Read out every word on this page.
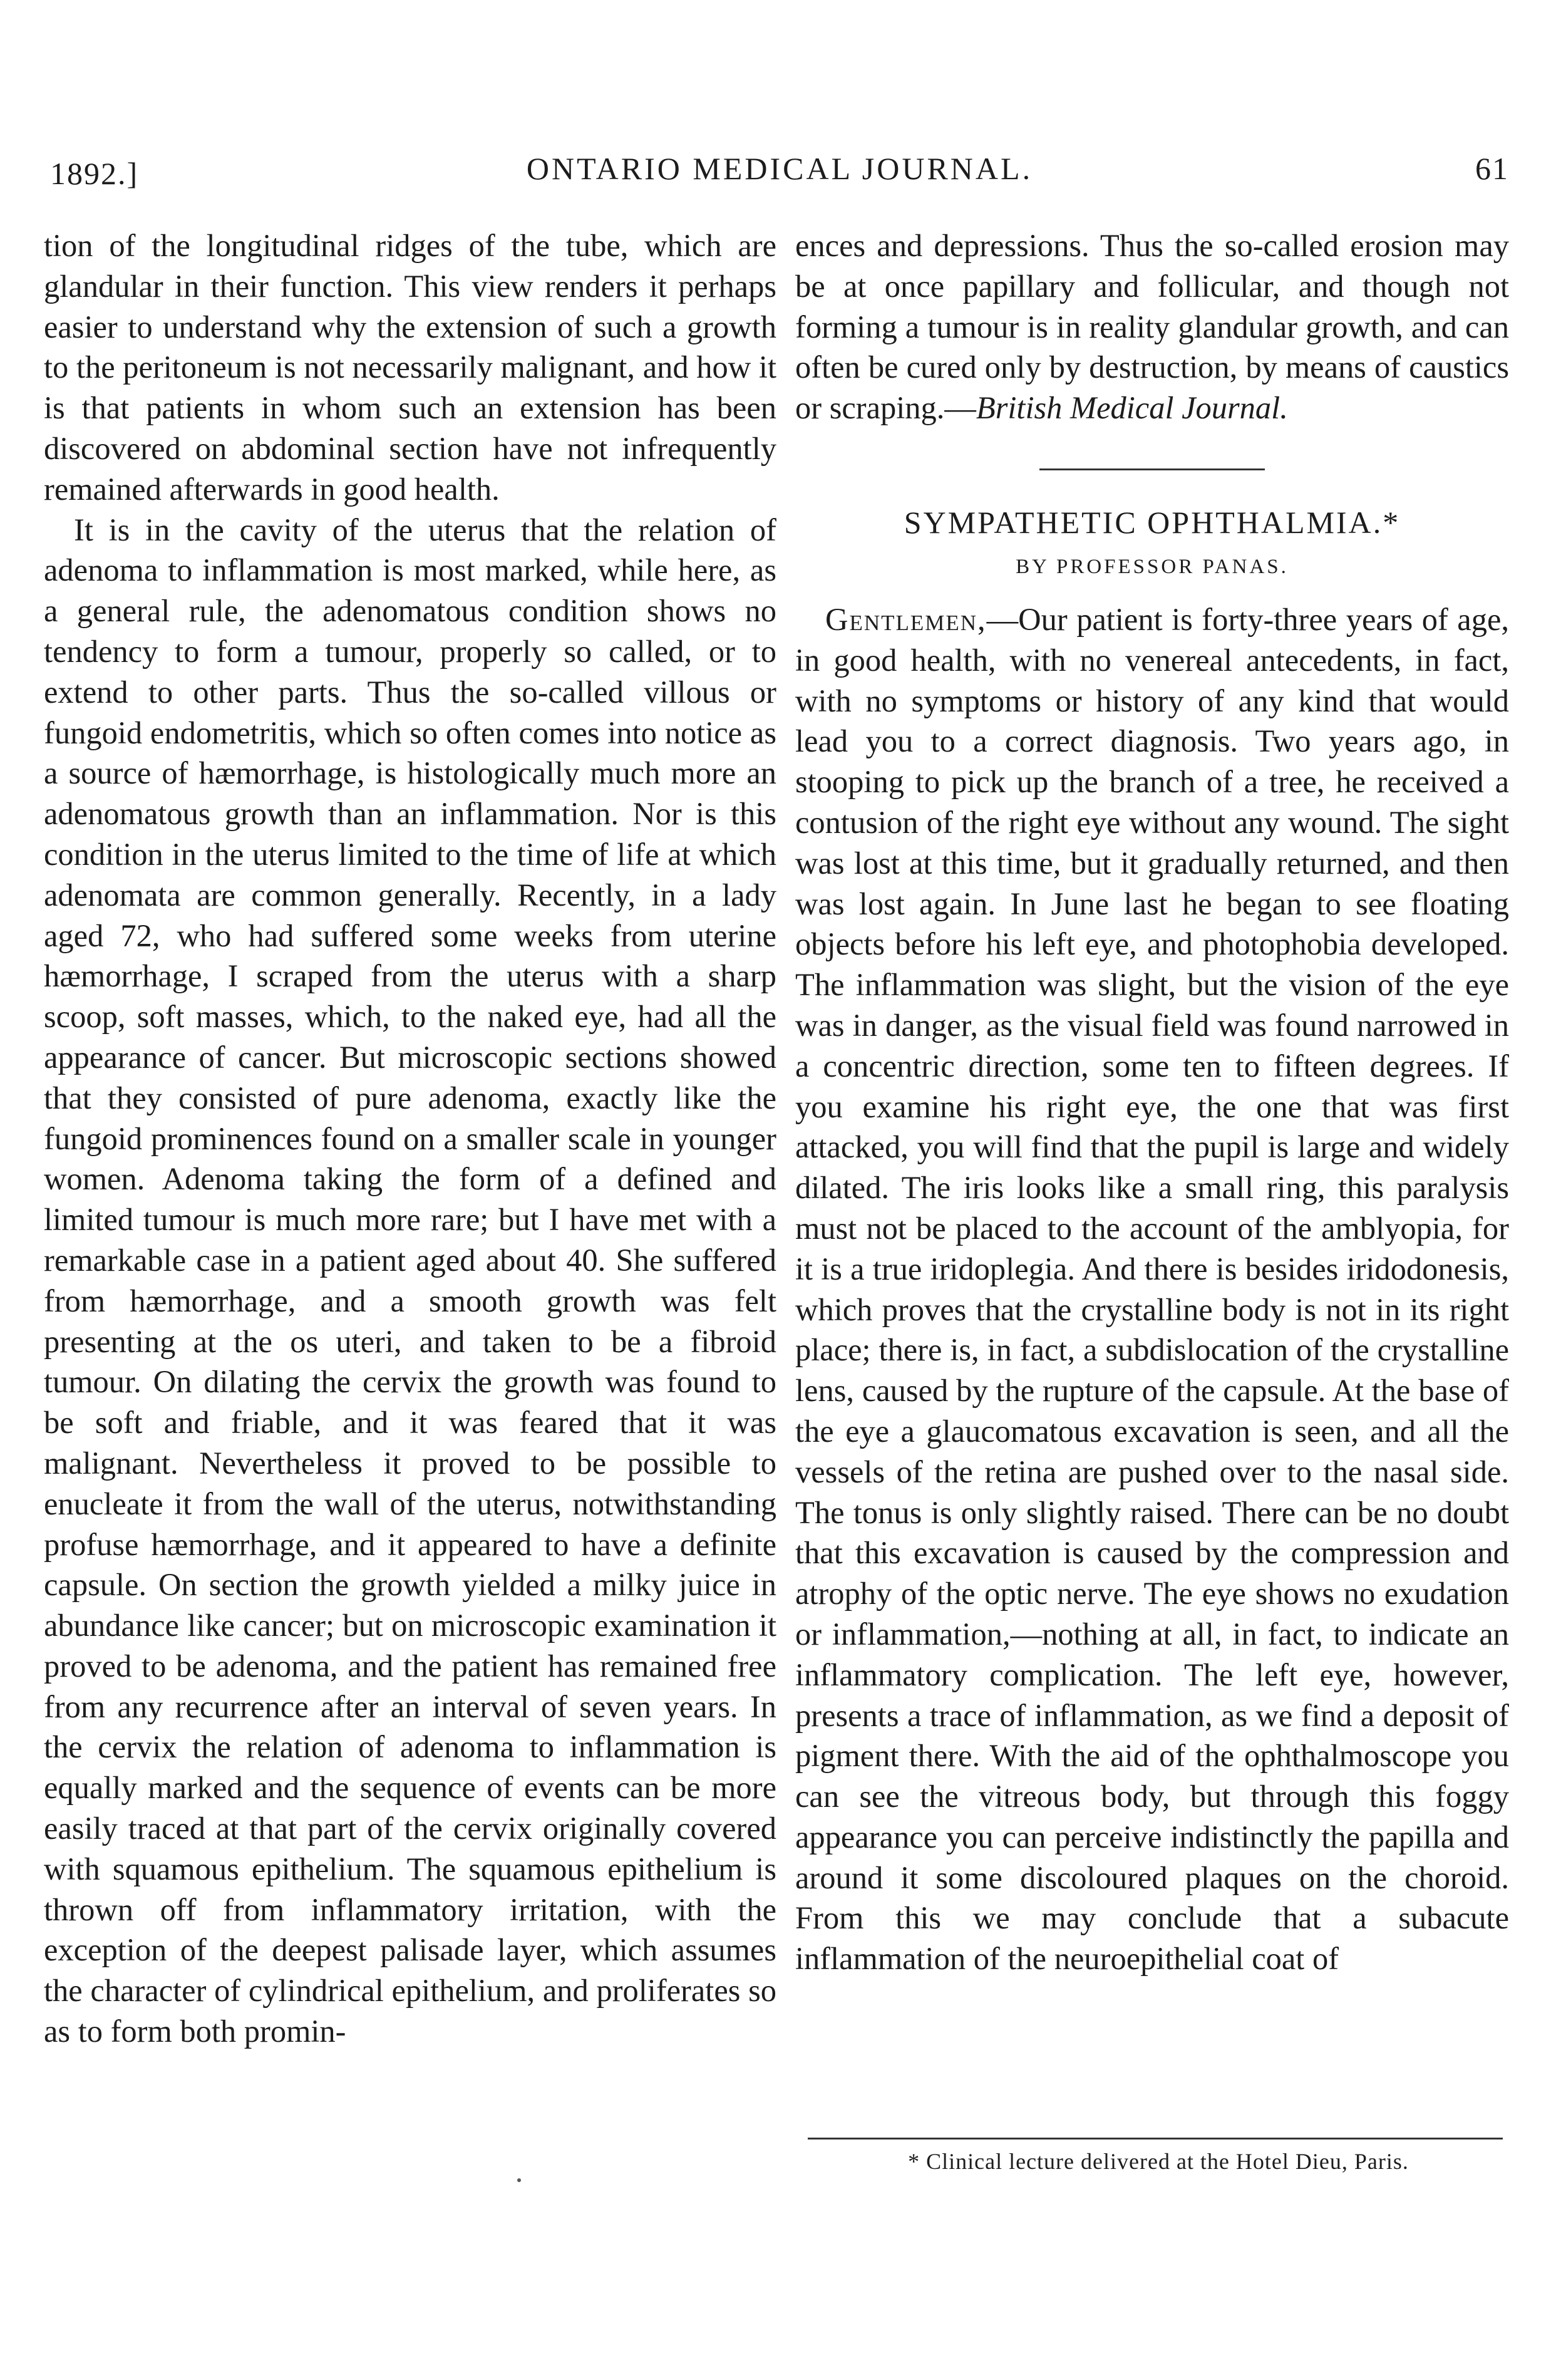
1892.]	ONTARIO MEDICAL JOURNAL.	61

tion of the longitudinal ridges of the tube, which are glandular in their function. This view renders it perhaps easier to understand why the extension of such a growth to the peritoneum is not necessarily malignant, and how it is that patients in whom such an extension has been discovered on abdominal section have not infrequently remained afterwards in good health.

It is in the cavity of the uterus that the relation of adenoma to inflammation is most marked, while here, as a general rule, the adenomatous condition shows no tendency to form a tumour, properly so called, or to extend to other parts. Thus the so-called villous or fungoid endometritis, which so often comes into notice as a source of hæmorrhage, is histologically much more an adenomatous growth than an inflammation. Nor is this condition in the uterus limited to the time of life at which adenomata are common generally. Recently, in a lady aged 72, who had suffered some weeks from uterine hæmorrhage, I scraped from the uterus with a sharp scoop, soft masses, which, to the naked eye, had all the appearance of cancer. But microscopic sections showed that they consisted of pure adenoma, exactly like the fungoid prominences found on a smaller scale in younger women. Adenoma taking the form of a defined and limited tumour is much more rare; but I have met with a remarkable case in a patient aged about 40. She suffered from hæmorrhage, and a smooth growth was felt presenting at the os uteri, and taken to be a fibroid tumour. On dilating the cervix the growth was found to be soft and friable, and it was feared that it was malignant. Nevertheless it proved to be possible to enucleate it from the wall of the uterus, notwithstanding profuse hæmorrhage, and it appeared to have a definite capsule. On section the growth yielded a milky juice in abundance like cancer; but on microscopic examination it proved to be adenoma, and the patient has remained free from any recurrence after an interval of seven years. In the cervix the relation of adenoma to inflammation is equally marked and the sequence of events can be more easily traced at that part of the cervix originally covered with squamous epithelium. The squamous epithelium is thrown off from inflammatory irritation, with the exception of the deepest palisade layer, which assumes the character of cylindrical epithelium, and proliferates so as to form both promin-

ences and depressions. Thus the so-called erosion may be at once papillary and follicular, and though not forming a tumour is in reality glandular growth, and can often be cured only by destruction, by means of caustics or scraping.—British Medical Journal.

SYMPATHETIC OPHTHALMIA.*
BY PROFESSOR PANAS.

Gentlemen,—Our patient is forty-three years of age, in good health, with no venereal antecedents, in fact, with no symptoms or history of any kind that would lead you to a correct diagnosis. Two years ago, in stooping to pick up the branch of a tree, he received a contusion of the right eye without any wound. The sight was lost at this time, but it gradually returned, and then was lost again. In June last he began to see floating objects before his left eye, and photophobia developed. The inflammation was slight, but the vision of the eye was in danger, as the visual field was found narrowed in a concentric direction, some ten to fifteen degrees. If you examine his right eye, the one that was first attacked, you will find that the pupil is large and widely dilated. The iris looks like a small ring, this paralysis must not be placed to the account of the amblyopia, for it is a true iridoplegia. And there is besides iridodonesis, which proves that the crystalline body is not in its right place; there is, in fact, a subdislocation of the crystalline lens, caused by the rupture of the capsule. At the base of the eye a glaucomatous excavation is seen, and all the vessels of the retina are pushed over to the nasal side. The tonus is only slightly raised. There can be no doubt that this excavation is caused by the compression and atrophy of the optic nerve. The eye shows no exudation or inflammation,—nothing at all, in fact, to indicate an inflammatory complication. The left eye, however, presents a trace of inflammation, as we find a deposit of pigment there. With the aid of the ophthalmoscope you can see the vitreous body, but through this foggy appearance you can perceive indistinctly the papilla and around it some discoloured plaques on the choroid. From this we may conclude that a subacute inflammation of the neuroepithelial coat of

* Clinical lecture delivered at the Hotel Dieu, Paris.
